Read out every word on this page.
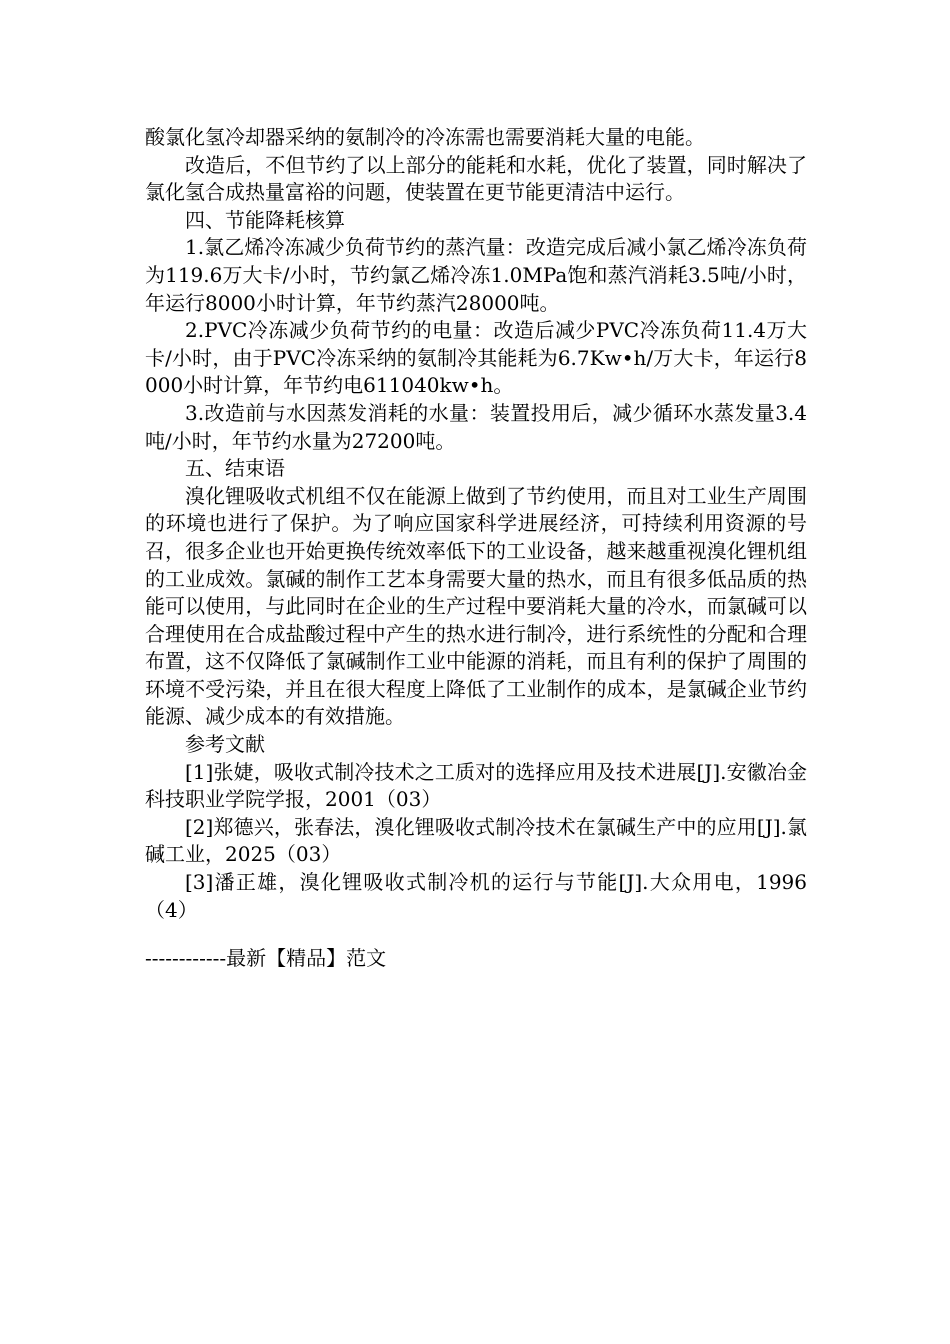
酸氯化氢冷却器采纳的氨制冷的冷冻需也需要消耗大量的电能。

改造后，不但节约了以上部分的能耗和水耗，优化了装置，同时解决了氯化氢合成热量富裕的问题，使装置在更节能更清洁中运行。

四、节能降耗核算

1.氯乙烯冷冻减少负荷节约的蒸汽量：改造完成后减小氯乙烯冷冻负荷为119.6万大卡/小时，节约氯乙烯冷冻1.0MPa饱和蒸汽消耗3.5吨/小时，年运行8000小时计算，年节约蒸汽28000吨。

2.PVC冷冻减少负荷节约的电量：改造后减少PVC冷冻负荷11.4万大卡/小时，由于PVC冷冻采纳的氨制冷其能耗为6.7Kw•h/万大卡，年运行8000小时计算，年节约电611040kw•h。

3.改造前与水因蒸发消耗的水量：装置投用后，减少循环水蒸发量3.4吨/小时，年节约水量为27200吨。

五、结束语

溴化锂吸收式机组不仅在能源上做到了节约使用，而且对工业生产周围的环境也进行了保护。为了响应国家科学进展经济，可持续利用资源的号召，很多企业也开始更换传统效率低下的工业设备，越来越重视溴化锂机组的工业成效。氯碱的制作工艺本身需要大量的热水，而且有很多低品质的热能可以使用，与此同时在企业的生产过程中要消耗大量的冷水，而氯碱可以合理使用在合成盐酸过程中产生的热水进行制冷，进行系统性的分配和合理布置，这不仅降低了氯碱制作工业中能源的消耗，而且有利的保护了周围的环境不受污染，并且在很大程度上降低了工业制作的成本，是氯碱企业节约能源、减少成本的有效措施。

参考文献

[1]张婕，吸收式制冷技术之工质对的选择应用及技术进展[J].安徽冶金科技职业学院学报，2001（03）

[2]郑德兴，张春法，溴化锂吸收式制冷技术在氯碱生产中的应用[J].氯碱工业，2025（03）

[3]潘正雄，溴化锂吸收式制冷机的运行与节能[J].大众用电，1996（4）

------------最新【精品】范文
